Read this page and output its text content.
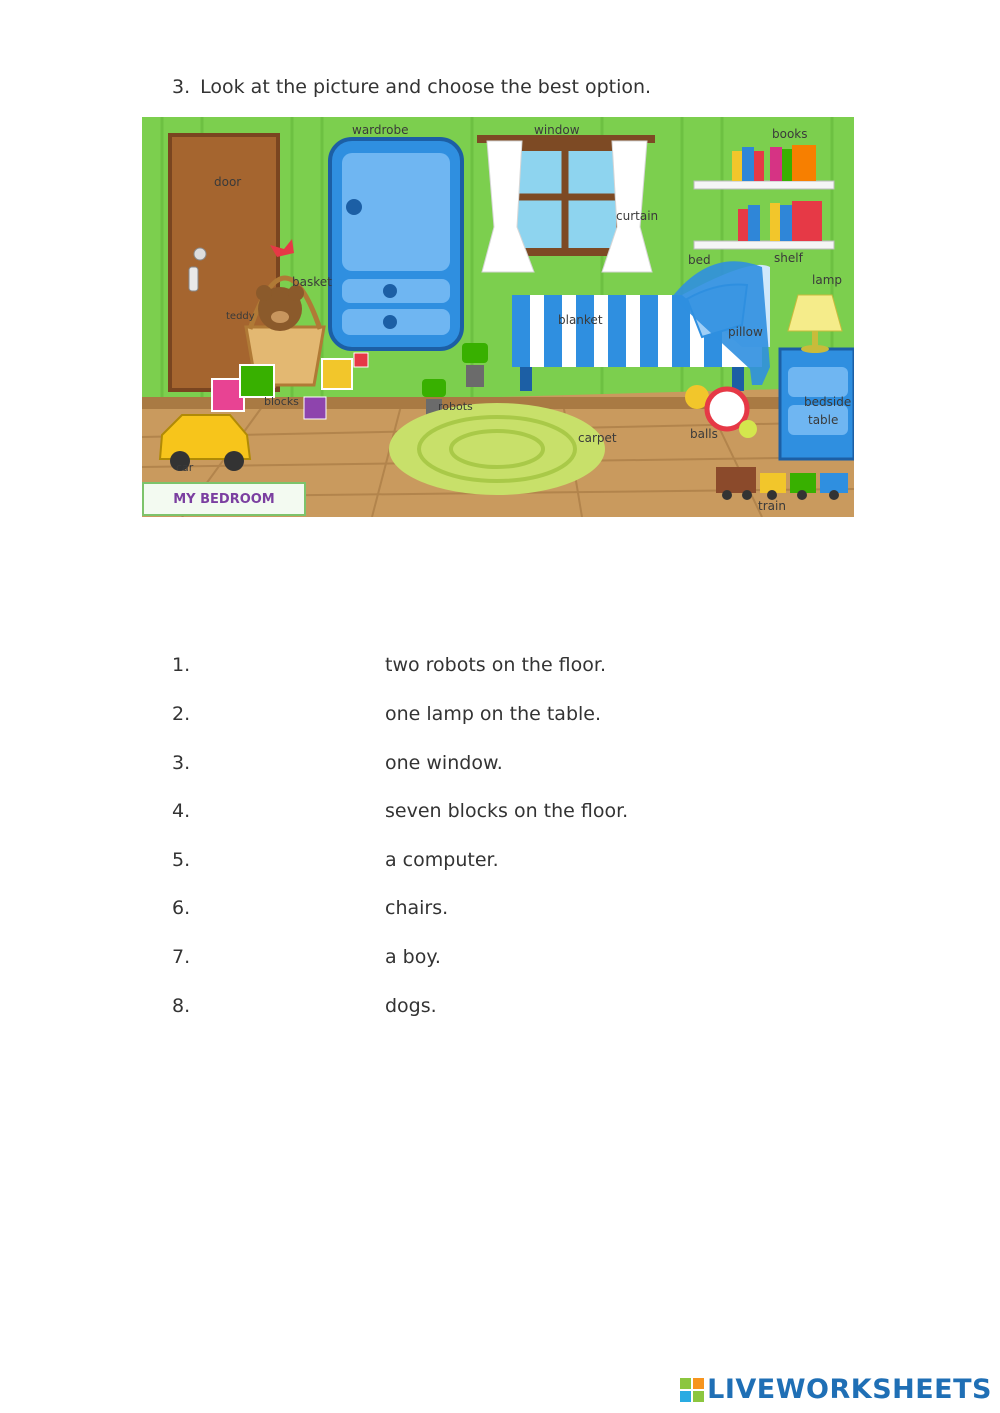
3. Look at the picture and choose the best option.
wardrobe	window	books
door
curtain
bed	shelf
lamp
basket
blanket
teddy
pillow
robots
blocks	bedside
table
balls
carpet
car
train
MY BEDROOM
1.	two robots on the floor.
2.	one lamp on the table.
3.	one window.
4.	seven blocks on the floor.
5.	a computer.
6.	chairs.
7.	a boy.
8.	dogs.
LIVEWORKSHEETS
